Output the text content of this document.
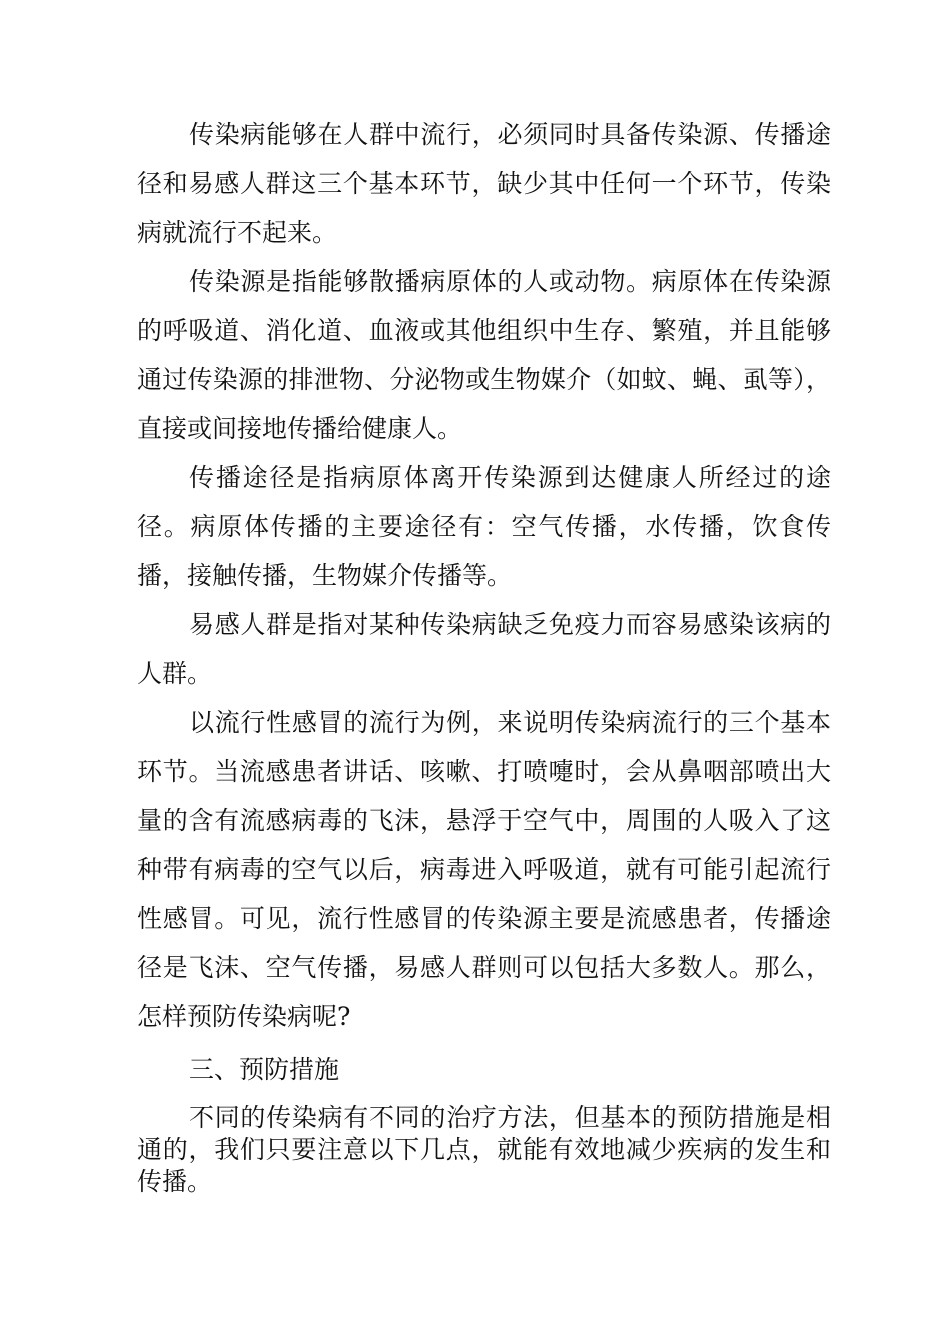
传染病能够在人群中流行，必须同时具备传染源、传播途径和易感人群这三个基本环节，缺少其中任何一个环节，传染病就流行不起来。

传染源是指能够散播病原体的人或动物。病原体在传染源的呼吸道、消化道、血液或其他组织中生存、繁殖，并且能够通过传染源的排泄物、分泌物或生物媒介（如蚊、蝇、虱等），直接或间接地传播给健康人。

传播途径是指病原体离开传染源到达健康人所经过的途径。病原体传播的主要途径有：空气传播，水传播，饮食传播，接触传播，生物媒介传播等。

易感人群是指对某种传染病缺乏免疫力而容易感染该病的人群。

以流行性感冒的流行为例，来说明传染病流行的三个基本环节。当流感患者讲话、咳嗽、打喷嚏时，会从鼻咽部喷出大量的含有流感病毒的飞沫，悬浮于空气中，周围的人吸入了这种带有病毒的空气以后，病毒进入呼吸道，就有可能引起流行性感冒。可见，流行性感冒的传染源主要是流感患者，传播途径是飞沫、空气传播，易感人群则可以包括大多数人。那么，怎样预防传染病呢?

三、预防措施

不同的传染病有不同的治疗方法，但基本的预防措施是相通的，我们只要注意以下几点，就能有效地减少疾病的发生和传播。
